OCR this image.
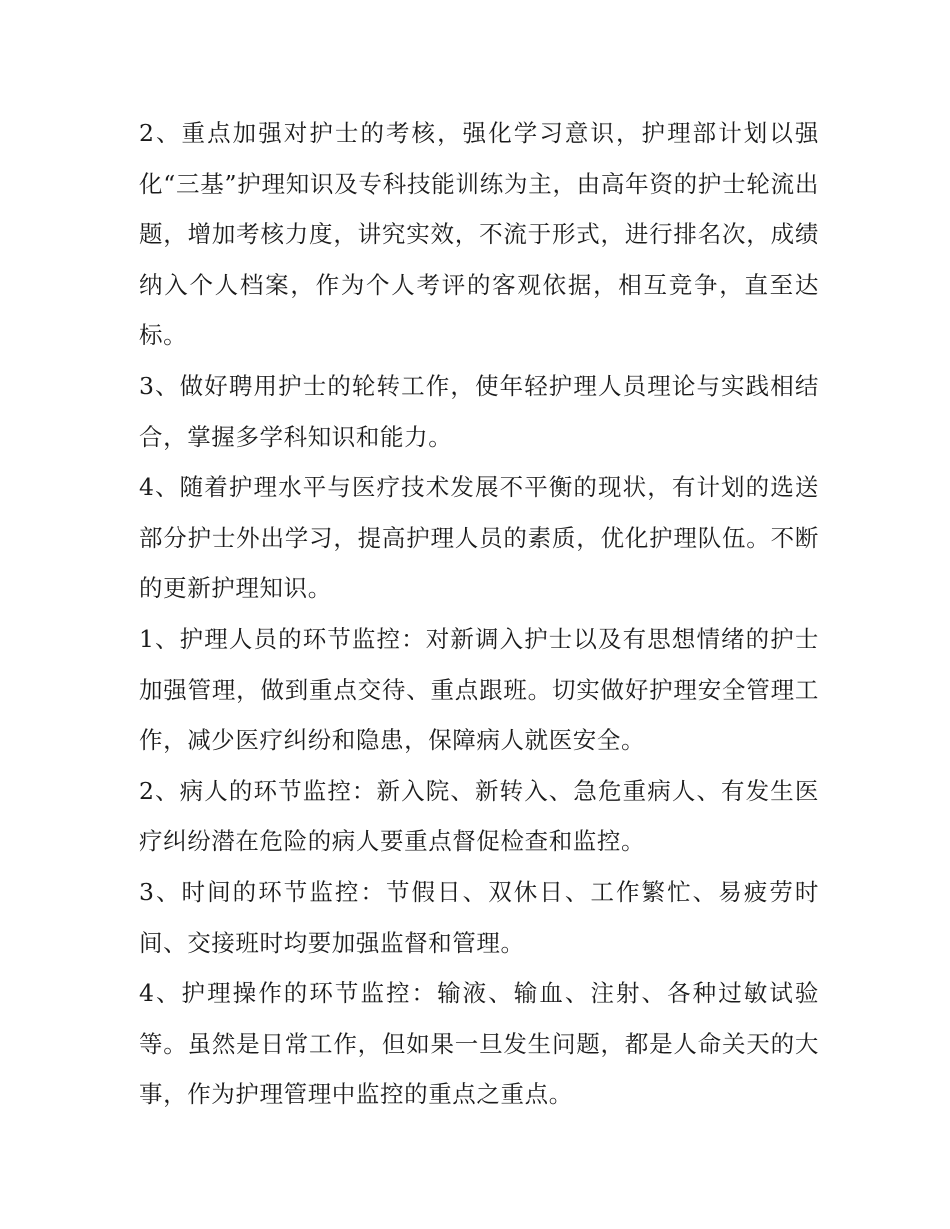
2、重点加强对护士的考核，强化学习意识，护理部计划以强化“三基”护理知识及专科技能训练为主，由高年资的护士轮流出题，增加考核力度，讲究实效，不流于形式，进行排名次，成绩纳入个人档案，作为个人考评的客观依据，相互竞争，直至达标。

3、做好聘用护士的轮转工作，使年轻护理人员理论与实践相结合，掌握多学科知识和能力。

4、随着护理水平与医疗技术发展不平衡的现状，有计划的选送部分护士外出学习，提高护理人员的素质，优化护理队伍。不断的更新护理知识。

1、护理人员的环节监控：对新调入护士以及有思想情绪的护士加强管理，做到重点交待、重点跟班。切实做好护理安全管理工作，减少医疗纠纷和隐患，保障病人就医安全。

2、病人的环节监控：新入院、新转入、急危重病人、有发生医疗纠纷潜在危险的病人要重点督促检查和监控。

3、时间的环节监控：节假日、双休日、工作繁忙、易疲劳时间、交接班时均要加强监督和管理。

4、护理操作的环节监控：输液、输血、注射、各种过敏试验等。虽然是日常工作，但如果一旦发生问题，都是人命关天的大事，作为护理管理中监控的重点之重点。
